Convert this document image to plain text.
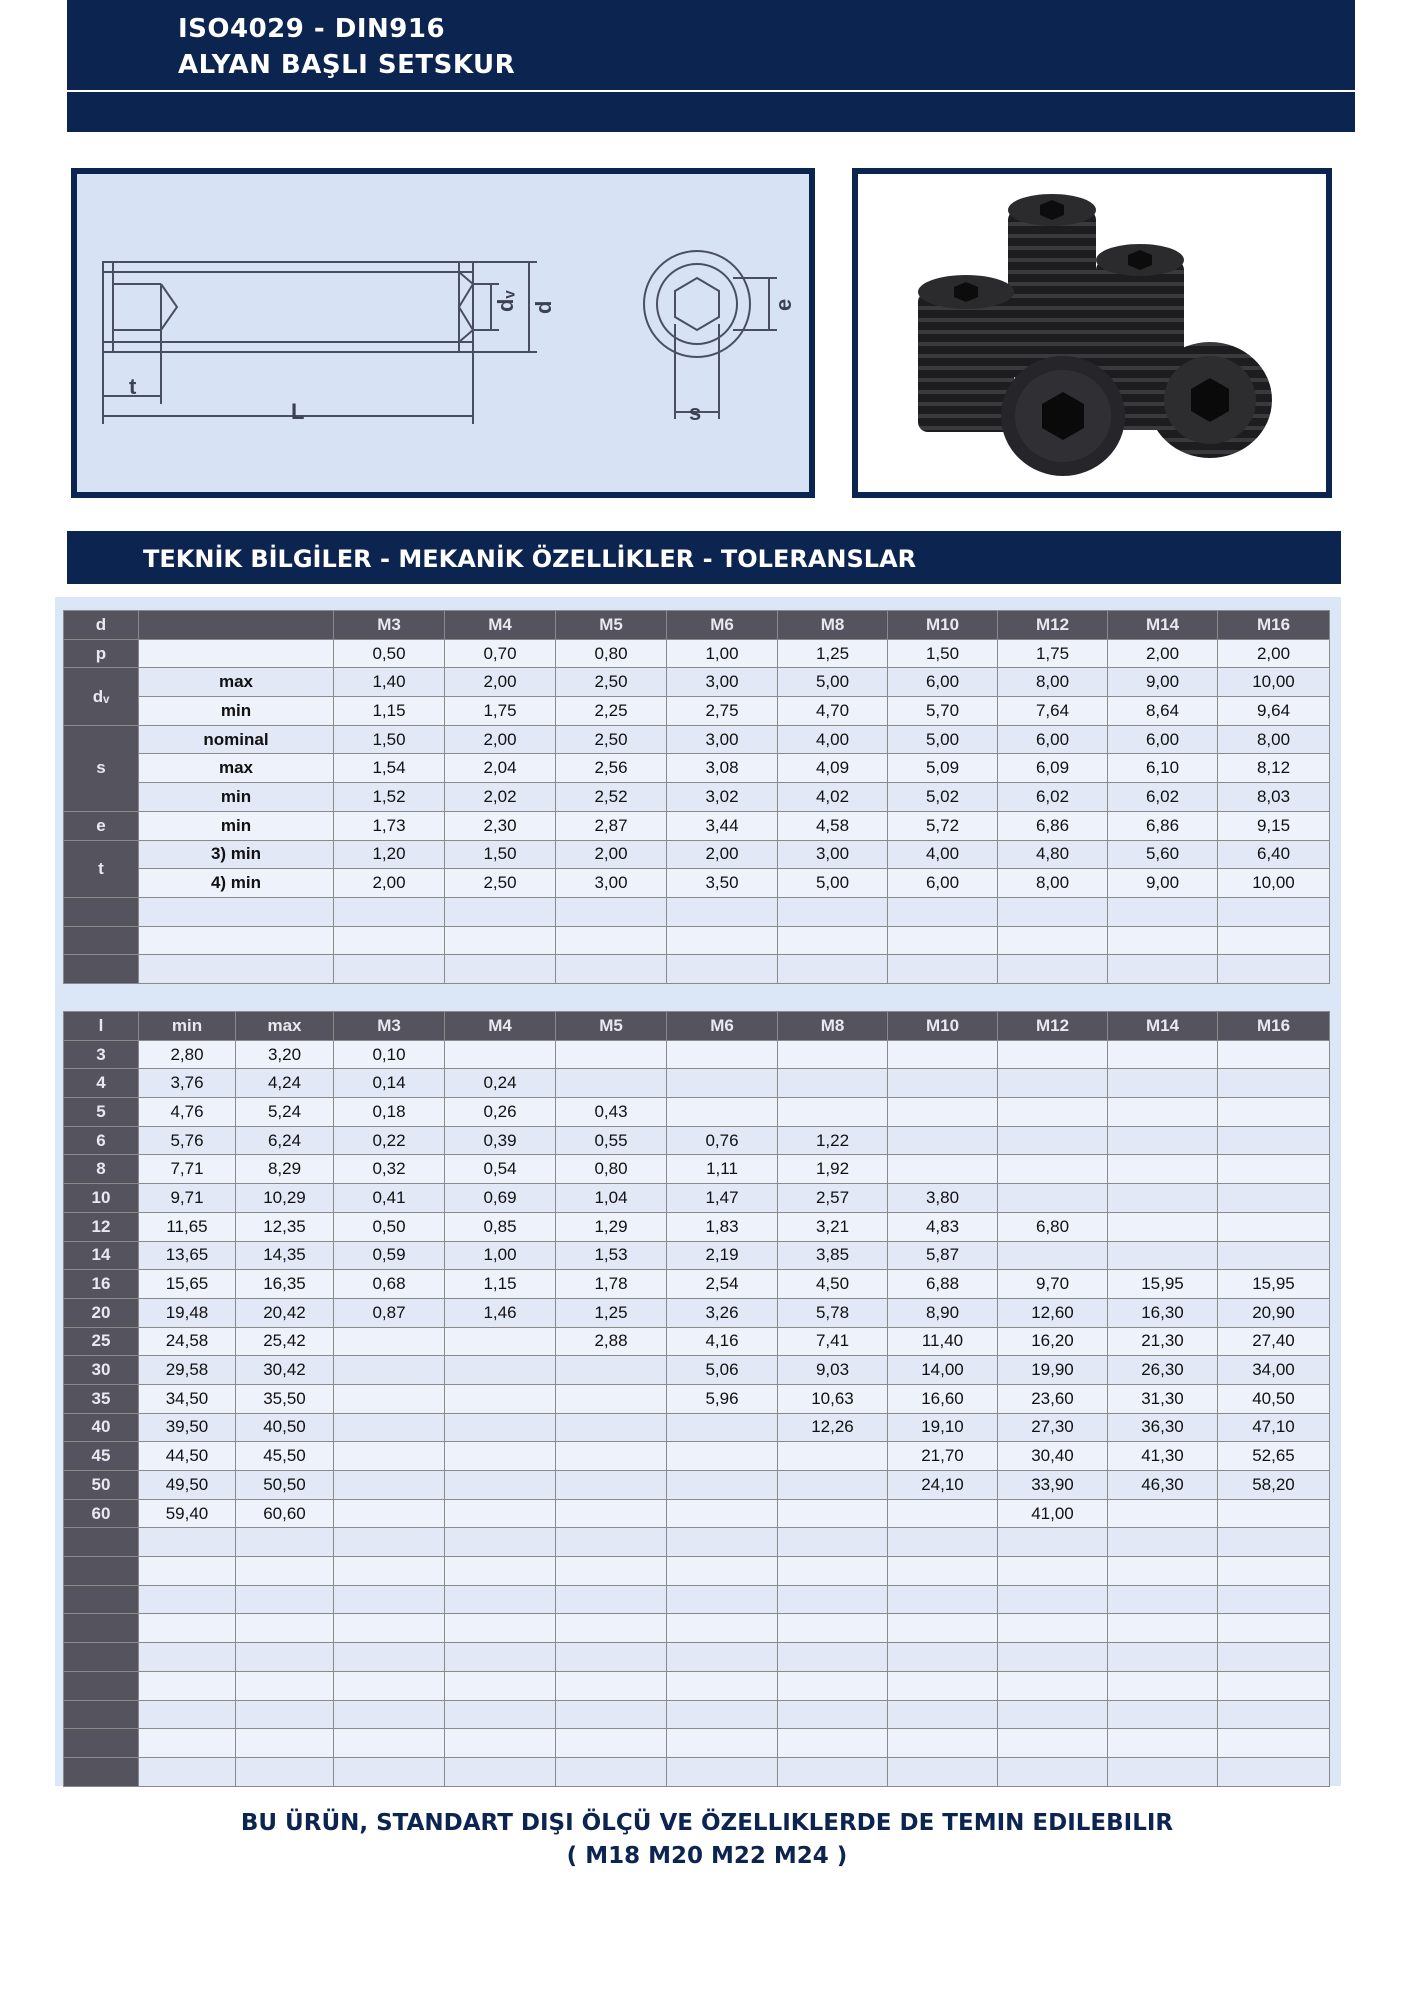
ISO4029 - DIN916
ALYAN BAŞLI SETSKUR
t
L
dᵥ d	e
s
TEKNİK BİLGİLER - MEKANİK ÖZELLİKLER - TOLERANSLAR
d		M3	M4	M5	M6	M8	M10	M12	M14	M16
p		0,50	0,70	0,80	1,00	1,25	1,50	1,75	2,00	2,00
dᵥ	max	1,40	2,00	2,50	3,00	5,00	6,00	8,00	9,00	10,00
	min	1,15	1,75	2,25	2,75	4,70	5,70	7,64	8,64	9,64
s	nominal	1,50	2,00	2,50	3,00	4,00	5,00	6,00	6,00	8,00
	max	1,54	2,04	2,56	3,08	4,09	5,09	6,09	6,10	8,12
	min	1,52	2,02	2,52	3,02	4,02	5,02	6,02	6,02	8,03
e	min	1,73	2,30	2,87	3,44	4,58	5,72	6,86	6,86	9,15
t	3) min	1,20	1,50	2,00	2,00	3,00	4,00	4,80	5,60	6,40
	4) min	2,00	2,50	3,00	3,50	5,00	6,00	8,00	9,00	10,00

l	min	max	M3	M4	M5	M6	M8	M10	M12	M14	M16
3	2,80	3,20	0,10								
4	3,76	4,24	0,14	0,24							
5	4,76	5,24	0,18	0,26	0,43						
6	5,76	6,24	0,22	0,39	0,55	0,76	1,22				
8	7,71	8,29	0,32	0,54	0,80	1,11	1,92				
10	9,71	10,29	0,41	0,69	1,04	1,47	2,57	3,80			
12	11,65	12,35	0,50	0,85	1,29	1,83	3,21	4,83	6,80		
14	13,65	14,35	0,59	1,00	1,53	2,19	3,85	5,87			
16	15,65	16,35	0,68	1,15	1,78	2,54	4,50	6,88	9,70	15,95	15,95
20	19,48	20,42	0,87	1,46	1,25	3,26	5,78	8,90	12,60	16,30	20,90
25	24,58	25,42			2,88	4,16	7,41	11,40	16,20	21,30	27,40
30	29,58	30,42				5,06	9,03	14,00	19,90	26,30	34,00
35	34,50	35,50				5,96	10,63	16,60	23,60	31,30	40,50
40	39,50	40,50					12,26	19,10	27,30	36,30	47,10
45	44,50	45,50						21,70	30,40	41,30	52,65
50	49,50	50,50						24,10	33,90	46,30	58,20
60	59,40	60,60							41,00		

BU ÜRÜN, STANDART DIŞI ÖLÇÜ VE ÖZELLIKLERDE DE TEMIN EDILEBILIR
( M18 M20 M22 M24 )
